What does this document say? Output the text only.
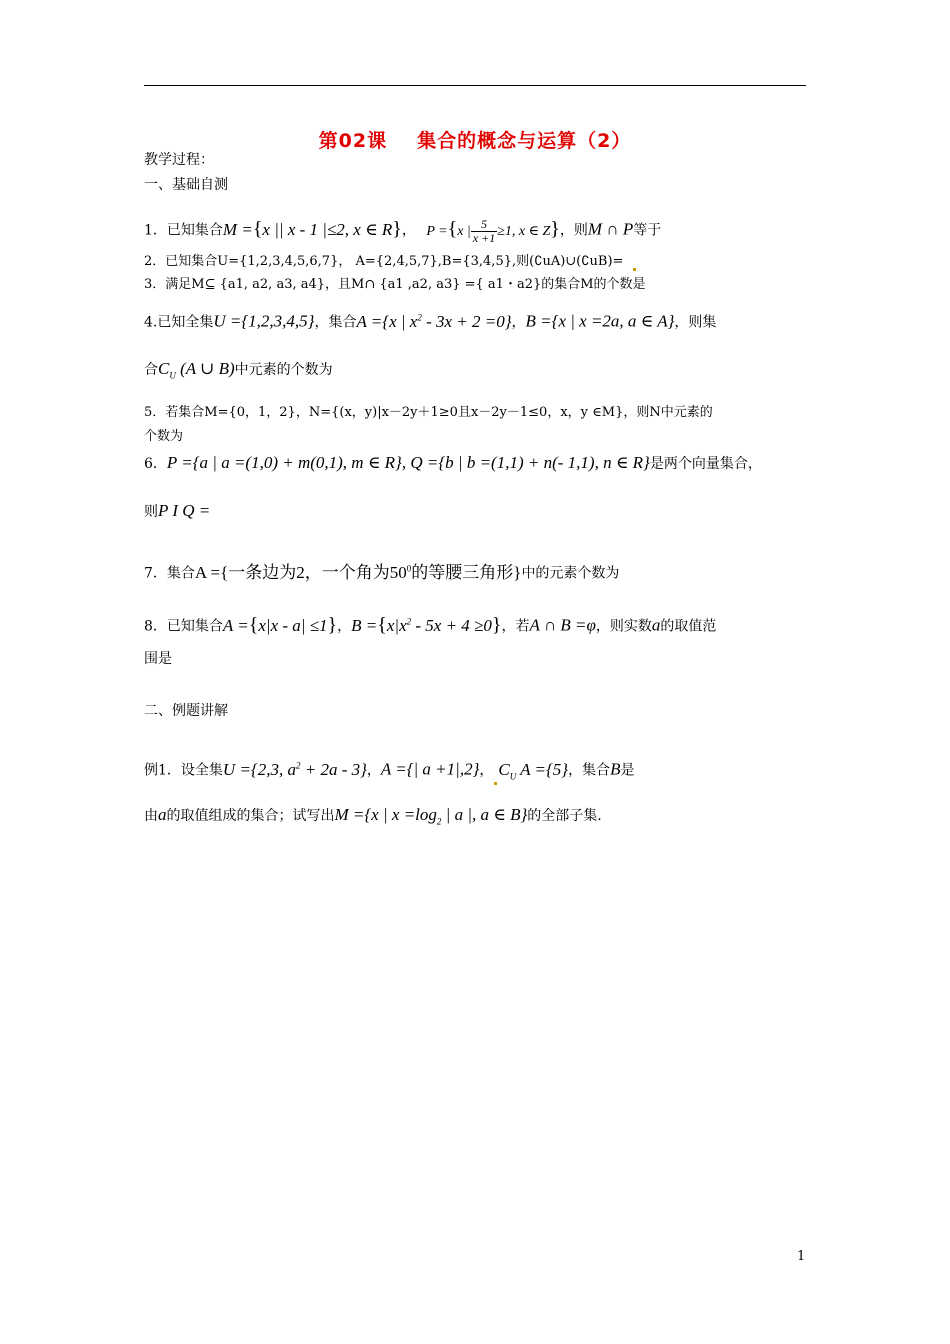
第02课 集合的概念与运算（2）
教学过程：
一、基础自测
1．已知集合M ={x || x - 1 |≤2, x ∈ R}， P ={x | $\frac{5}{x +1} \ge 1$, x ∈ Z}，则M ∩ P等于
2．已知集合U={1,2,3,4,5,6,7}， A={2,4,5,7},B={3,4,5},则(∁uA)∪(∁uB)=
3．满足M⊆ {a1, a2, a3, a4}，且M∩ {a1 ,a2, a3} ={ a1・a2}的集合M的个数是
4.已知全集U ={1,2,3,4,5}，集合A ={x | $x^2 - 3x + 2 =0$}，B ={x | x =2a, a ∈ A}，则集
合$C_U$ (A ∪ B)中元素的个数为
5．若集合M={0，1，2}，N={(x，y)|x－2y＋1≥0且x－2y－1≤0，x，y ∈M}，则N中元素的
个数为
6．P ={a | a =(1,0) + m(0,1), m ∈ R}, Q ={b | b =(1,1) + n(- 1,1), n ∈ R}是两个向量集合，
则P I Q =
7．集合A ={一条边为2，一个角为$50^0$的等腰三角形}中的元素个数为
8．已知集合A ={x|x - a| ≤1}，$B =\{x|x^2 - 5x + 4 \ge 0\}$，若A ∩ B =φ，则实数a的取值范
围是
二、例题讲解
例1．设全集U ={2,3, $a^2 + 2a - 3$}，A ={| a +1|,2}， $C_U$ A ={5}，集合B是
由a的取值组成的集合；试写出M ={x | $x =\log_2$ | a |, a ∈ B}的全部子集.
1
